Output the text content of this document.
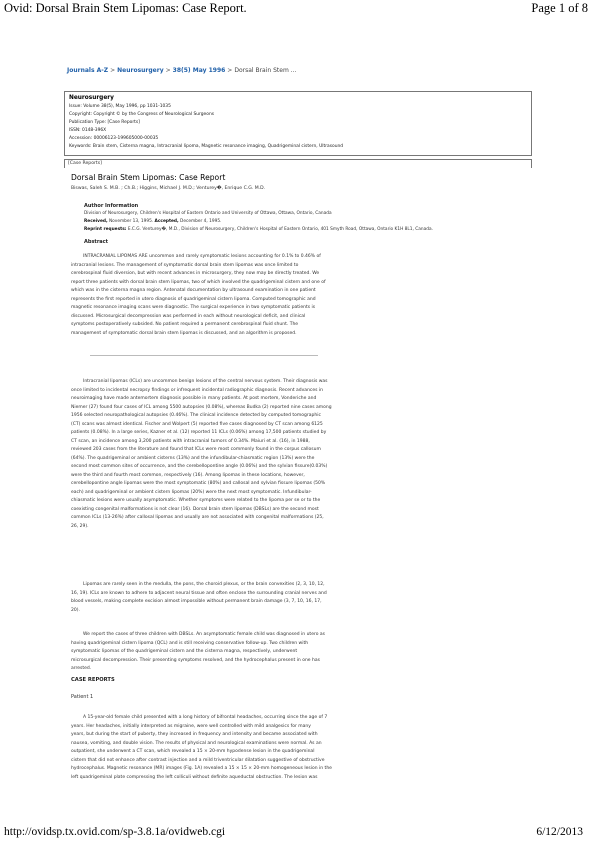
Ovid: Dorsal Brain Stem Lipomas: Case Report.	Page 1 of 8
Journals A-Z > Neurosurgery > 38(5) May 1996 > Dorsal Brain Stem ...
Neurosurgery
Issue: Volume 38(5), May 1996, pp 1031-1035
Copyright: Copyright © by the Congress of Neurological Surgeons
Publication Type: [Case Reports]
ISSN: 0148-396X
Accession: 00006123-199605000-00035
Keywords: Brain stem, Cisterna magna, Intracranial lipoma, Magnetic resonance imaging, Quadrigeminal cistern, Ultrasound
[Case Reports]
Dorsal Brain Stem Lipomas: Case Report
Biswas, Saleh S. M.B. ; Ch.B.; Higgins, Michael J. M.D.; Venturey�, Enrique C.G. M.D.
Author Information
Division of Neurosurgery, Children's Hospital of Eastern Ontario and University of Ottawa, Ottawa, Ontario, Canada
Received, November 13, 1995. Accepted, December 4, 1995.
Reprint requests: E.C.G. Venturey�, M.D., Division of Neurosurgery, Children's Hospital of Eastern Ontario, 401 Smyth Road, Ottawa, Ontario K1H 8L1, Canada.
Abstract
INTRACRANIAL LIPOMAS ARE uncommon and rarely symptomatic lesions accounting for 0.1% to 0.46% of
intracranial lesions. The management of symptomatic dorsal brain stem lipomas was once limited to
cerebrospinal fluid diversion, but with recent advances in microsurgery, they now may be directly treated. We
report three patients with dorsal brain stem lipomas, two of which involved the quadrigeminal cistern and one of
which was in the cisterna magna region. Antenatal documentation by ultrasound examination in one patient
represents the first reported in utero diagnosis of quadrigeminal cistern lipoma. Computed tomographic and
magnetic resonance imaging scans were diagnostic. The surgical experience in two symptomatic patients is
discussed. Microsurgical decompression was performed in each without neurological deficit, and clinical
symptoms postoperatively subsided. No patient required a permanent cerebrospinal fluid shunt. The
management of symptomatic dorsal brain stem lipomas is discussed, and an algorithm is proposed.
Intracranial lipomas (ICLs) are uncommon benign lesions of the central nervous system. Their diagnosis was
once limited to incidental necropsy findings or infrequent incidental radiographic diagnosis. Recent advances in
neuroimaging have made antemortem diagnosis possible in many patients. At post mortem, Vonderiche and
Niemer (27) found four cases of ICL among 5500 autopsies (0.08%), whereas Budka (2) reported nine cases among
1956 selected neuropathological autopsies (0.46%). The clinical incidence detected by computed tomographic
(CT) scans was almost identical. Fischer and Wolpert (5) reported five cases diagnosed by CT scan among 6125
patients (0.08%). In a large series, Kazner et al. (12) reported 11 ICLs (0.06%) among 17,500 patients studied by
CT scan, an incidence among 3,200 patients with intracranial tumors of 0.34%. Maiuri et al. (16), in 1988,
reviewed 203 cases from the literature and found that ICLs were most commonly found in the corpus callosum
(64%). The quadrigeminal or ambient cisterns (13%) and the infundibular-chiasmatic region (13%) were the
second most common sites of occurrence, and the cerebellopontine angle (0.06%) and the sylvian fissure(0.03%)
were the third and fourth most common, respectively (16). Among lipomas in these locations, however,
cerebellopontine angle lipomas were the most symptomatic (80%) and callosal and sylvian fissure lipomas (50%
each) and quadrigeminal or ambient cistern lipomas (20%) were the next most symptomatic. Infundibular-
chiasmatic lesions were usually asymptomatic. Whether symptoms were related to the lipoma per se or to the
coexisting congenital malformations is not clear (16). Dorsal brain stem lipomas (DBSLs) are the second most
common ICLs (13-26%) after callosal lipomas and usually are not associated with congenital malformations (25,
26, 29).
Lipomas are rarely seen in the medulla, the pons, the choroid plexus, or the brain convexities (2, 3, 10, 12,
16, 19). ICLs are known to adhere to adjacent neural tissue and often enclose the surrounding cranial nerves and
blood vessels, making complete excision almost impossible without permanent brain damage (3, 7, 10, 16, 17,
20).
We report the cases of three children with DBSLs. An asymptomatic female child was diagnosed in utero as
having quadrigeminal cistern lipoma (QCL) and is still receiving conservative follow-up. Two children with
symptomatic lipomas of the quadrigeminal cistern and the cisterna magna, respectively, underwent
microsurgical decompression. Their presenting symptoms resolved, and the hydrocephalus present in one has
arrested.
CASE REPORTS
Patient 1
A 15-year-old female child presented with a long history of bifrontal headaches, occurring since the age of 7
years. Her headaches, initially interpreted as migraine, were well controlled with mild analgesics for many
years, but during the start of puberty, they increased in frequency and intensity and became associated with
nausea, vomiting, and double vision. The results of physical and neurological examinations were normal. As an
outpatient, she underwent a CT scan, which revealed a 15 × 20-mm hypodense lesion in the quadrigeminal
cistern that did not enhance after contrast injection and a mild triventricular dilatation suggestive of obstructive
hydrocephalus. Magnetic resonance (MR) images (Fig. 1A) revealed a 15 × 15 × 20-mm homogeneous lesion in the
left quadrigeminal plate compressing the left colliculi without definite aqueductal obstruction. The lesion was
http://ovidsp.tx.ovid.com/sp-3.8.1a/ovidweb.cgi	6/12/2013
